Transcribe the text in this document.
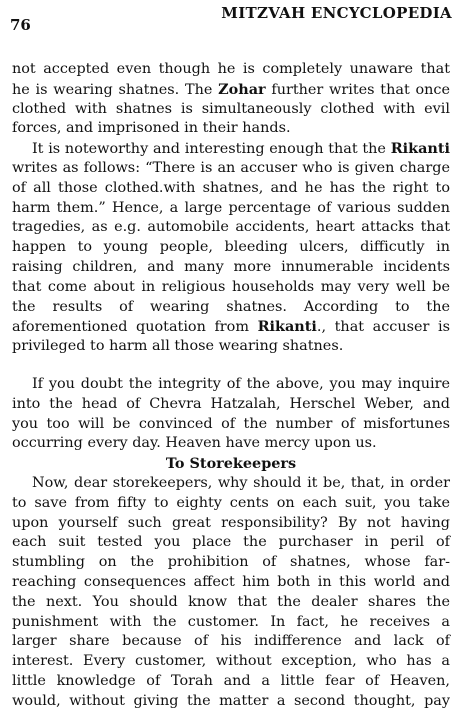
76
MITZVAH ENCYCLOPEDIA
not accepted even though he is completely unaware that
he is wearing shatnes. The Zohar further writes that once
clothed with shatnes is simultaneously clothed with evil
forces, and imprisoned in their hands.
It is noteworthy and interesting enough that the Rikanti
writes as follows: “There is an accuser who is given charge
of all those clothed.with shatnes, and he has the right to
harm them.” Hence, a large percentage of various sudden
tragedies, as e.g. automobile accidents, heart attacks that
happen to young people, bleeding ulcers, difficutly in
raising children, and many more innumerable incidents
that come about in religious households may very well be
the results of wearing shatnes. According to the
aforementioned quotation from Rikanti., that accuser is
privileged to harm all those wearing shatnes.
If you doubt the integrity of the above, you may inquire
into the head of Chevra Hatzalah, Herschel Weber, and
you too will be convinced of the number of misfortunes
occurring every day. Heaven have mercy upon us.
To Storekeepers
Now, dear storekeepers, why should it be, that, in order
to save from fifty to eighty cents on each suit, you take
upon yourself such great responsibility? By not having
each suit tested you place the purchaser in peril of
stumbling on the prohibition of shatnes, whose far-
reaching consequences affect him both in this world and
the next. You should know that the dealer shares the
punishment with the customer. In fact, he receives a
larger share because of his indifference and lack of
interest. Every customer, without exception, who has a
little knowledge of Torah and a little fear of Heaven,
would, without giving the matter a second thought, pay
